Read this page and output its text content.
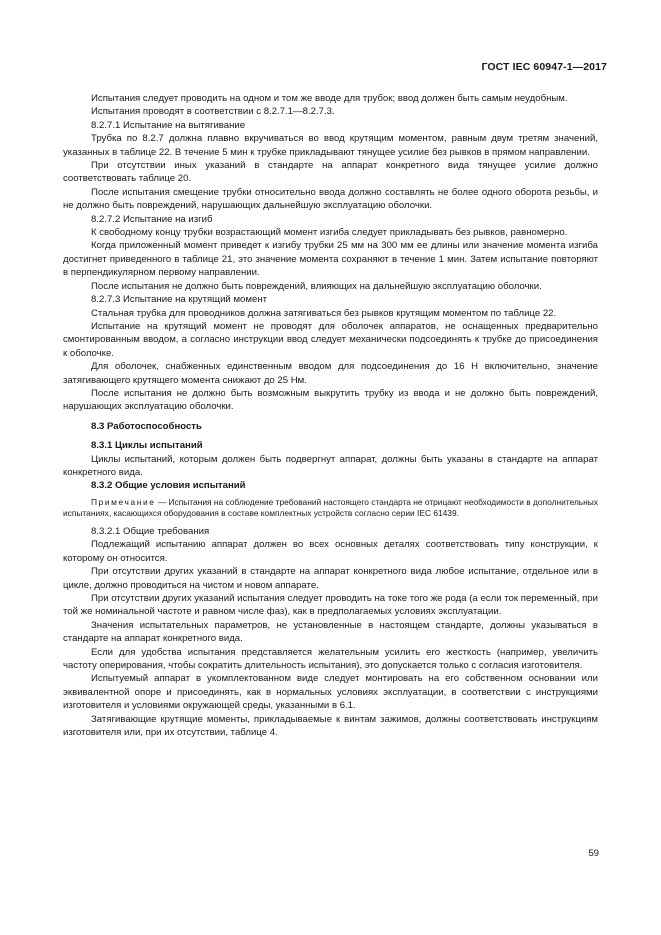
ГОСТ IEC 60947-1—2017

Испытания следует проводить на одном и том же вводе для трубок; ввод должен быть самым неудобным.

Испытания проводят в соответствии с 8.2.7.1—8.2.7.3.

8.2.7.1 Испытание на вытягивание

Трубка по 8.2.7 должна плавно вкручиваться во ввод крутящим моментом, равным двум третям значений, указанных в таблице 22. В течение 5 мин к трубке прикладывают тянущее усилие без рывков в прямом направлении.

При отсутствии иных указаний в стандарте на аппарат конкретного вида тянущее усилие должно соответствовать таблице 20.

После испытания смещение трубки относительно ввода должно составлять не более одного оборота резьбы, и не должно быть повреждений, нарушающих дальнейшую эксплуатацию оболочки.

8.2.7.2 Испытание на изгиб

К свободному концу трубки возрастающий момент изгиба следует прикладывать без рывков, равномерно.

Когда приложенный момент приведет к изгибу трубки 25 мм на 300 мм ее длины или значение момента изгиба достигнет приведенного в таблице 21, это значение момента сохраняют в течение 1 мин. Затем испытание повторяют в перпендикулярном первому направлении.

После испытания не должно быть повреждений, влияющих на дальнейшую эксплуатацию оболочки.

8.2.7.3 Испытание на крутящий момент

Стальная трубка для проводников должна затягиваться без рывков крутящим моментом по таблице 22.

Испытание на крутящий момент не проводят для оболочек аппаратов, не оснащенных предварительно смонтированным вводом, а согласно инструкции ввод следует механически подсоединять к трубке до присоединения к оболочке.

Для оболочек, снабженных единственным вводом для подсоединения до 16 Н включительно, значение затягивающего крутящего момента снижают до 25 Нм.

После испытания не должно быть возможным выкрутить трубку из ввода и не должно быть повреждений, нарушающих эксплуатацию оболочки.

8.3 Работоспособность

8.3.1 Циклы испытаний

Циклы испытаний, которым должен быть подвергнут аппарат, должны быть указаны в стандарте на аппарат конкретного вида.

8.3.2 Общие условия испытаний

Примечание — Испытания на соблюдение требований настоящего стандарта не отрицают необходимости в дополнительных испытаниях, касающихся оборудования в составе комплектных устройств согласно серии IEC 61439.

8.3.2.1 Общие требования

Подлежащий испытанию аппарат должен во всех основных деталях соответствовать типу конструкции, к которому он относится.

При отсутствии других указаний в стандарте на аппарат конкретного вида любое испытание, отдельное или в цикле, должно проводиться на чистом и новом аппарате.

При отсутствии других указаний испытания следует проводить на токе того же рода (а если ток переменный, при той же номинальной частоте и равном числе фаз), как в предполагаемых условиях эксплуатации.

Значения испытательных параметров, не установленные в настоящем стандарте, должны указываться в стандарте на аппарат конкретного вида.

Если для удобства испытания представляется желательным усилить его жесткость (например, увеличить частоту оперирования, чтобы сократить длительность испытания), это допускается только с согласия изготовителя.

Испытуемый аппарат в укомплектованном виде следует монтировать на его собственном основании или эквивалентной опоре и присоединять, как в нормальных условиях эксплуатации, в соответствии с инструкциями изготовителя и условиями окружающей среды, указанными в 6.1.

Затягивающие крутящие моменты, прикладываемые к винтам зажимов, должны соответствовать инструкциям изготовителя или, при их отсутствии, таблице 4.

59
